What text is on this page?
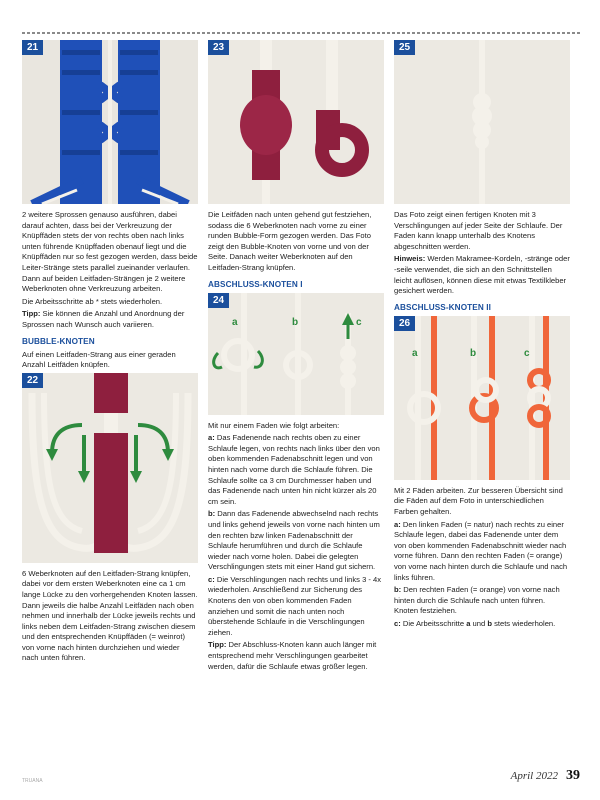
21

2 weitere Sprossen genauso ausführen, dabei darauf achten, dass bei der Verkreuzung der Knüpffäden stets der von rechts oben nach links unten führende Knüpffaden obenauf liegt und die Knüpffäden nur so fest gezogen werden, dass beide Leiter-Stränge stets parallel zueinander verlaufen. Dann auf beiden Leitfaden-Strängen je 2 weitere Weberknoten ohne Verkreuzung arbeiten.

Die Arbeitsschritte ab * stets wiederholen.

Tipp: Sie können die Anzahl und Anordnung der Sprossen nach Wunsch auch variieren.

BUBBLE-KNOTEN

Auf einen Leitfaden-Strang aus einer geraden Anzahl Leitfäden knüpfen.

22

6 Weberknoten auf den Leitfaden-Strang knüpfen, dabei vor dem ersten Weberknoten eine ca 1 cm lange Lücke zu den vorhergehenden Knoten lassen. Dann jeweils die halbe Anzahl Leitfäden nach oben nehmen und innerhalb der Lücke jeweils rechts und links neben dem Leitfaden-Strang zwischen diesem und den entsprechenden Knüpffäden (= weinrot) von vorne nach hinten durchziehen und wieder nach unten führen.

23

Die Leitfäden nach unten gehend gut festziehen, sodass die 6 Weberknoten nach vorne zu einer runden Bubble-Form gezogen werden. Das Foto zeigt den Bubble-Knoten von vorne und von der Seite. Danach weiter Weberknoten auf den Leitfaden-Strang knüpfen.

ABSCHLUSS-KNOTEN I
24
a	b	c

Mit nur einem Faden wie folgt arbeiten:

a: Das Fadenende nach rechts oben zu einer Schlaufe legen, von rechts nach links über den von oben kommenden Fadenabschnitt legen und von hinten nach vorne durch die Schlaufe führen. Die Schlaufe sollte ca 3 cm Durchmesser haben und das Fadenende nach unten hin nicht kürzer als 20 cm sein.

b: Dann das Fadenende abwechselnd nach rechts und links gehend jeweils von vorne nach hinten um den rechten bzw linken Fadenabschnitt der Schlaufe herumführen und durch die Schlaufe wieder nach vorne holen. Dabei die gelegten Verschlingungen stets mit einer Hand gut sichern.

c: Die Verschlingungen nach rechts und links 3 - 4x wiederholen. Anschließend zur Sicherung des Knotens den von oben kommenden Faden anziehen und somit die nach unten noch überstehende Schlaufe in die Verschlingungen ziehen.

Tipp: Der Abschluss-Knoten kann auch länger mit entsprechend mehr Verschlingungen gearbeitet werden, dafür die Schlaufe etwas größer legen.

25

Das Foto zeigt einen fertigen Knoten mit 3 Verschlingungen auf jeder Seite der Schlaufe. Der Faden kann knapp unterhalb des Knotens abgeschnitten werden.

Hinweis: Werden Makramee-Kordeln, -stränge oder -seile verwendet, die sich an den Schnittstellen leicht auflösen, können diese mit etwas Textilkleber gesichert werden.

ABSCHLUSS-KNOTEN II
26
a	b	c

Mit 2 Fäden arbeiten. Zur besseren Übersicht sind die Fäden auf dem Foto in unterschiedlichen Farben gehalten.

a: Den linken Faden (= natur) nach rechts zu einer Schlaufe legen, dabei das Fadenende unter dem von oben kommenden Fadenabschnitt wieder nach vorne führen. Dann den rechten Faden (= orange) von vorne nach hinten durch die Schlaufe und nach links führen.

b: Den rechten Faden (= orange) von vorne nach hinten durch die Schlaufe nach unten führen. Knoten festziehen.

c: Die Arbeitsschritte a und b stets wiederholen.

TRUANA	April 2022 39
PassionForum.ru
